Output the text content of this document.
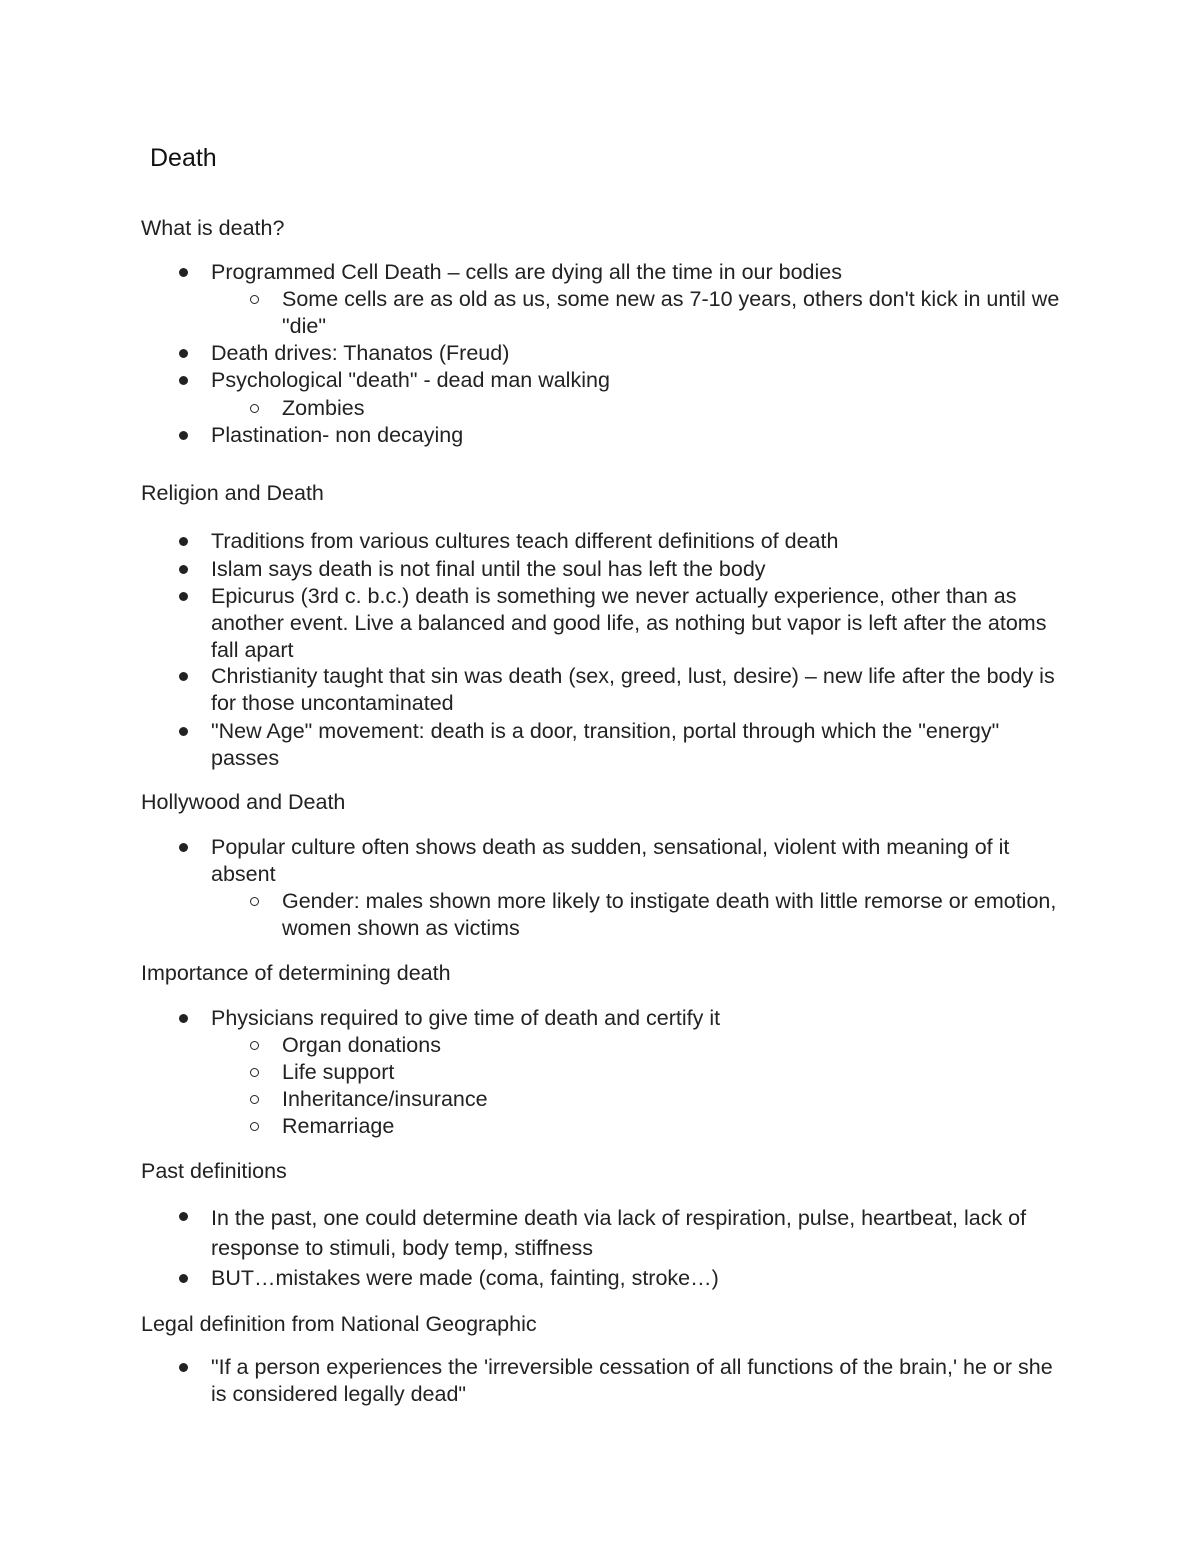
Death
What is death?
Programmed Cell Death – cells are dying all the time in our bodies
Some cells are as old as us, some new as 7-10 years, others don't kick in until we "die"
Death drives: Thanatos (Freud)
Psychological "death" - dead man walking
Zombies
Plastination- non decaying
Religion and Death
Traditions from various cultures teach different definitions of death
Islam says death is not final until the soul has left the body
Epicurus (3rd c. b.c.) death is something we never actually experience, other than as another event. Live a balanced and good life, as nothing but vapor is left after the atoms fall apart
Christianity taught that sin was death (sex, greed, lust, desire) – new life after the body is for those uncontaminated
"New Age" movement: death is a door, transition, portal through which the "energy" passes
Hollywood and Death
Popular culture often shows death as sudden, sensational, violent with meaning of it absent
Gender: males shown more likely to instigate death with little remorse or emotion, women shown as victims
Importance of determining death
Physicians required to give time of death and certify it
Organ donations
Life support
Inheritance/insurance
Remarriage
Past definitions
In the past, one could determine death via lack of respiration, pulse, heartbeat, lack of response to stimuli, body temp, stiffness
BUT…mistakes were made (coma, fainting, stroke…)
Legal definition from National Geographic
"If a person experiences the 'irreversible cessation of all functions of the brain,' he or she is considered legally dead"
